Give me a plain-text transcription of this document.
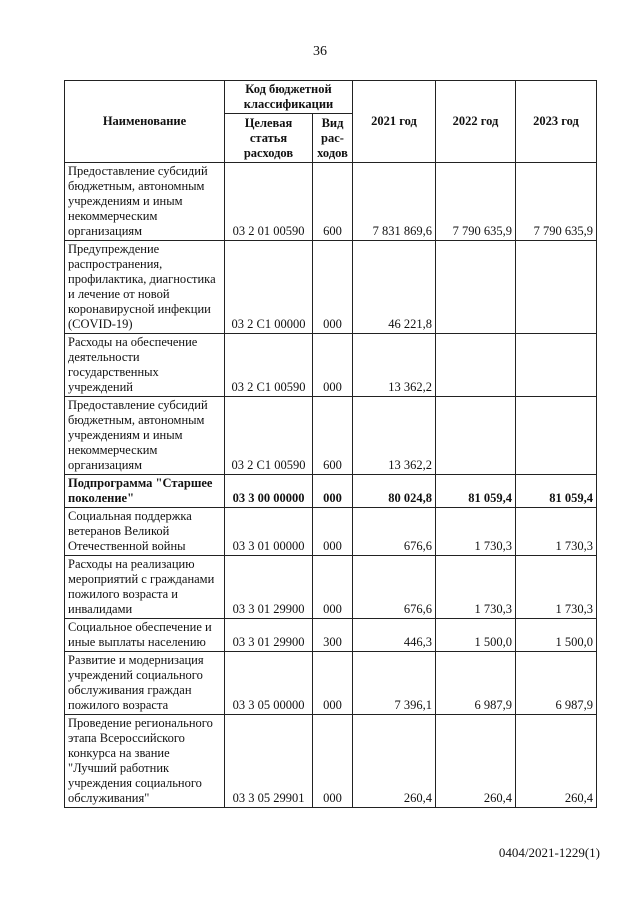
36
Наименование	Код бюджетной классификации		2021 год	2022 год	2023 год
	Целевая статья расходов	Вид рас-ходов			
Предоставление субсидий бюджетным, автономным учреждениям и иным некоммерческим организациям	03 2 01 00590	600	7 831 869,6	7 790 635,9	7 790 635,9
Предупреждение распространения, профилактика, диагностика и лечение от новой коронавирусной инфекции (COVID-19)	03 2 С1 00000	000	46 221,8		
Расходы на обеспечение деятельности государственных учреждений	03 2 С1 00590	000	13 362,2		
Предоставление субсидий бюджетным, автономным учреждениям и иным некоммерческим организациям	03 2 С1 00590	600	13 362,2		
Подпрограмма "Старшее поколение"	03 3 00 00000	000	80 024,8	81 059,4	81 059,4
Социальная поддержка ветеранов Великой Отечественной войны	03 3 01 00000	000	676,6	1 730,3	1 730,3
Расходы на реализацию мероприятий с гражданами пожилого возраста и инвалидами	03 3 01 29900	000	676,6	1 730,3	1 730,3
Социальное обеспечение и иные выплаты населению	03 3 01 29900	300	446,3	1 500,0	1 500,0
Развитие и модернизация учреждений социального обслуживания граждан пожилого возраста	03 3 05 00000	000	7 396,1	6 987,9	6 987,9
Проведение регионального этапа Всероссийского конкурса на звание "Лучший работник учреждения социального обслуживания"	03 3 05 29901	000	260,4	260,4	260,4
0404/2021-1229(1)
